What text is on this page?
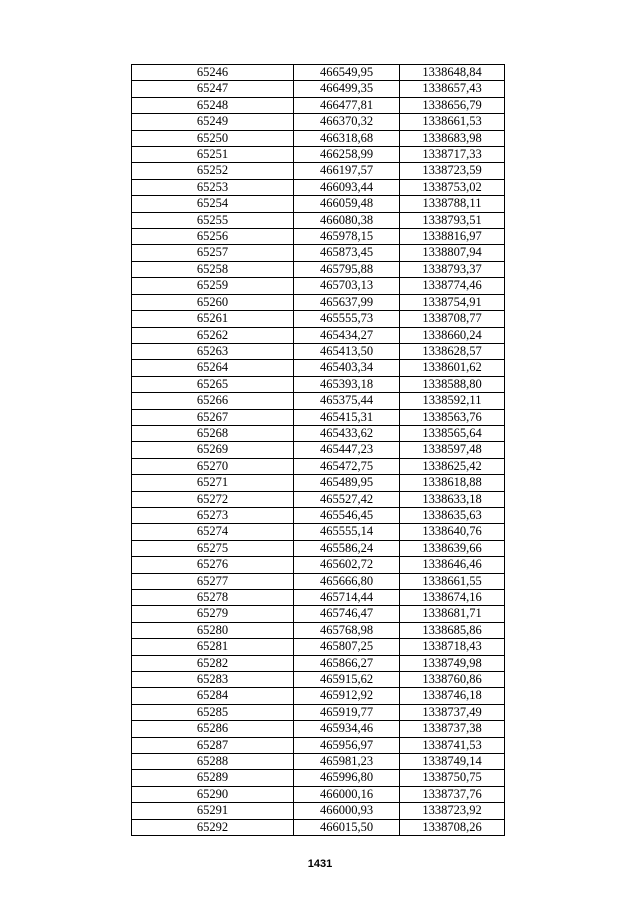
65246	466549,95	1338648,84
65247	466499,35	1338657,43
65248	466477,81	1338656,79
65249	466370,32	1338661,53
65250	466318,68	1338683,98
65251	466258,99	1338717,33
65252	466197,57	1338723,59
65253	466093,44	1338753,02
65254	466059,48	1338788,11
65255	466080,38	1338793,51
65256	465978,15	1338816,97
65257	465873,45	1338807,94
65258	465795,88	1338793,37
65259	465703,13	1338774,46
65260	465637,99	1338754,91
65261	465555,73	1338708,77
65262	465434,27	1338660,24
65263	465413,50	1338628,57
65264	465403,34	1338601,62
65265	465393,18	1338588,80
65266	465375,44	1338592,11
65267	465415,31	1338563,76
65268	465433,62	1338565,64
65269	465447,23	1338597,48
65270	465472,75	1338625,42
65271	465489,95	1338618,88
65272	465527,42	1338633,18
65273	465546,45	1338635,63
65274	465555,14	1338640,76
65275	465586,24	1338639,66
65276	465602,72	1338646,46
65277	465666,80	1338661,55
65278	465714,44	1338674,16
65279	465746,47	1338681,71
65280	465768,98	1338685,86
65281	465807,25	1338718,43
65282	465866,27	1338749,98
65283	465915,62	1338760,86
65284	465912,92	1338746,18
65285	465919,77	1338737,49
65286	465934,46	1338737,38
65287	465956,97	1338741,53
65288	465981,23	1338749,14
65289	465996,80	1338750,75
65290	466000,16	1338737,76
65291	466000,93	1338723,92
65292	466015,50	1338708,26
1431
